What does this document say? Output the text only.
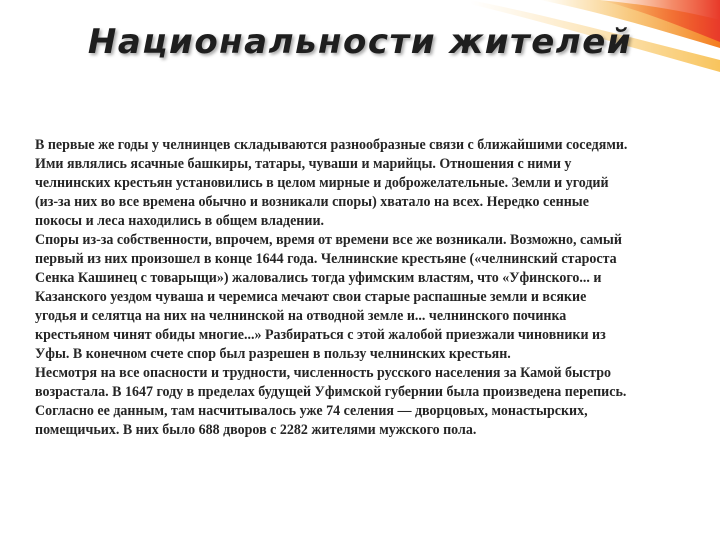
Национальности жителей
В первые же годы у челнинцев складываются разнообразные связи с ближайшими соседями.
Ими являлись ясачные башкиры, татары, чуваши и марийцы. Отношения с ними у
челнинских крестьян установились в целом мирные и доброжелательные. Земли и угодий
(из-за них во все времена обычно и возникали споры) хватало на всех. Нередко сенные
покосы и леса находились в общем владении.
Споры из-за собственности, впрочем, время от времени все же возникали. Возможно, самый
первый из них произошел в конце 1644 года. Челнинские крестьяне («челнинский староста
Сенка Кашинец с товарыщи») жаловались тогда уфимским властям, что «Уфинского... и
Казанского уездом чуваша и черемиса мечают свои старые распашные земли и всякие
угодья и селятца на них на челнинской на отводной земле и... челнинского починка
крестьяном чинят обиды многие...» Разбираться с этой жалобой приезжали чиновники из
Уфы. В конечном счете спор был разрешен в пользу челнинских крестьян.
Несмотря на все опасности и трудности, численность русского населения за Камой быстро
возрастала. В 1647 году в пределах будущей Уфимской губернии была произведена перепись.
Согласно ее данным, там насчитывалось уже 74 селения — дворцовых, монастырских,
помещичьих. В них было 688 дворов с 2282 жителями мужского пола.
